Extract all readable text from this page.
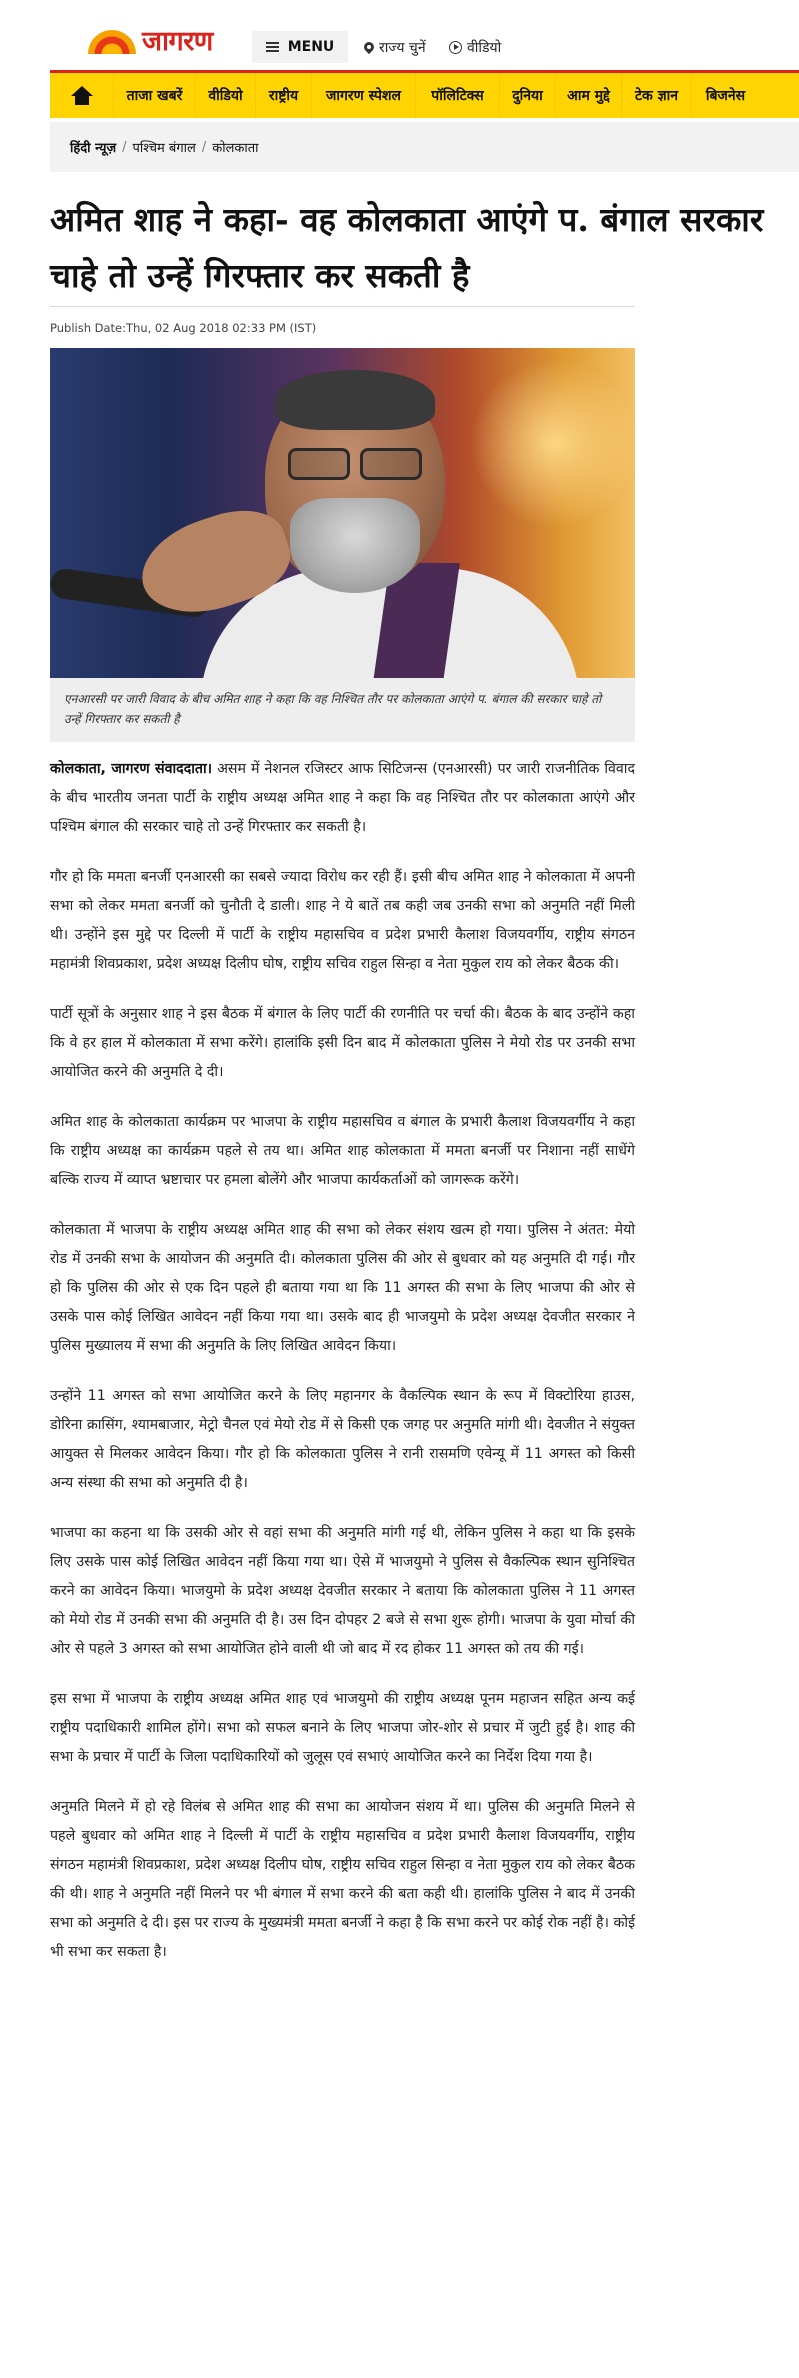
जागरण	MENU	राज्य चुनें	वीडियो
ताजा खबरें	वीडियो	राष्ट्रीय	जागरण स्पेशल	पॉलिटिक्स	दुनिया	आम मुद्दे	टेक ज्ञान	बिजनेस
हिंदी न्यूज़ / पश्चिम बंगाल / कोलकाता
अमित शाह ने कहा- वह कोलकाता आएंगे प. बंगाल सरकार चाहे तो उन्हें गिरफ्तार कर सकती है
Publish Date:Thu, 02 Aug 2018 02:33 PM (IST)
एनआरसी पर जारी विवाद के बीच अमित शाह ने कहा कि वह निश्चित तौर पर कोलकाता आएंगे प. बंगाल की सरकार चाहे तो उन्हें गिरफ्तार कर सकती है

कोलकाता, जागरण संवाददाता। असम में नेशनल रजिस्टर आफ सिटिजन्स (एनआरसी) पर जारी राजनीतिक विवाद के बीच भारतीय जनता पार्टी के राष्ट्रीय अध्यक्ष अमित शाह ने कहा कि वह निश्चित तौर पर कोलकाता आएंगे और पश्चिम बंगाल की सरकार चाहे तो उन्हें गिरफ्तार कर सकती है।

गौर हो कि ममता बनर्जी एनआरसी का सबसे ज्यादा विरोध कर रही हैं। इसी बीच अमित शाह ने कोलकाता में अपनी सभा को लेकर ममता बनर्जी को चुनौती दे डाली। शाह ने ये बातें तब कही जब उनकी सभा को अनुमति नहीं मिली थी। उन्होंने इस मुद्दे पर दिल्ली में पार्टी के राष्ट्रीय महासचिव व प्रदेश प्रभारी कैलाश विजयवर्गीय, राष्ट्रीय संगठन महामंत्री शिवप्रकाश, प्रदेश अध्यक्ष दिलीप घोष, राष्ट्रीय सचिव राहुल सिन्हा व नेता मुकुल राय को लेकर बैठक की।

पार्टी सूत्रों के अनुसार शाह ने इस बैठक में बंगाल के लिए पार्टी की रणनीति पर चर्चा की। बैठक के बाद उन्होंने कहा कि वे हर हाल में कोलकाता में सभा करेंगे। हालांकि इसी दिन बाद में कोलकाता पुलिस ने मेयो रोड पर उनकी सभा आयोजित करने की अनुमति दे दी।

अमित शाह के कोलकाता कार्यक्रम पर भाजपा के राष्ट्रीय महासचिव व बंगाल के प्रभारी कैलाश विजयवर्गीय ने कहा कि राष्ट्रीय अध्यक्ष का कार्यक्रम पहले से तय था। अमित शाह कोलकाता में ममता बनर्जी पर निशाना नहीं साधेंगे बल्कि राज्य में व्याप्त भ्रष्टाचार पर हमला बोलेंगे और भाजपा कार्यकर्ताओं को जागरूक करेंगे।

कोलकाता में भाजपा के राष्ट्रीय अध्यक्ष अमित शाह की सभा को लेकर संशय खत्म हो गया। पुलिस ने अंतत: मेयो रोड में उनकी सभा के आयोजन की अनुमति दी। कोलकाता पुलिस की ओर से बुधवार को यह अनुमति दी गई। गौर हो कि पुलिस की ओर से एक दिन पहले ही बताया गया था कि 11 अगस्त की सभा के लिए भाजपा की ओर से उसके पास कोई लिखित आवेदन नहीं किया गया था। उसके बाद ही भाजयुमो के प्रदेश अध्यक्ष देवजीत सरकार ने पुलिस मुख्यालय में सभा की अनुमति के लिए लिखित आवेदन किया।

उन्होंने 11 अगस्त को सभा आयोजित करने के लिए महानगर के वैकल्पिक स्थान के रूप में विक्टोरिया हाउस, डोरिना क्रासिंग, श्यामबाजार, मेट्रो चैनल एवं मेयो रोड में से किसी एक जगह पर अनुमति मांगी थी। देवजीत ने संयुक्त आयुक्त से मिलकर आवेदन किया। गौर हो कि कोलकाता पुलिस ने रानी रासमणि एवेन्यू में 11 अगस्त को किसी अन्य संस्था की सभा को अनुमति दी है।

भाजपा का कहना था कि उसकी ओर से वहां सभा की अनुमति मांगी गई थी, लेकिन पुलिस ने कहा था कि इसके लिए उसके पास कोई लिखित आवेदन नहीं किया गया था। ऐसे में भाजयुमो ने पुलिस से वैकल्पिक स्थान सुनिश्चित करने का आवेदन किया। भाजयुमो के प्रदेश अध्यक्ष देवजीत सरकार ने बताया कि कोलकाता पुलिस ने 11 अगस्त को मेयो रोड में उनकी सभा की अनुमति दी है। उस दिन दोपहर 2 बजे से सभा शुरू होगी। भाजपा के युवा मोर्चा की ओर से पहले 3 अगस्त को सभा आयोजित होने वाली थी जो बाद में रद होकर 11 अगस्त को तय की गई।

इस सभा में भाजपा के राष्ट्रीय अध्यक्ष अमित शाह एवं भाजयुमो की राष्ट्रीय अध्यक्ष पूनम महाजन सहित अन्य कई राष्ट्रीय पदाधिकारी शामिल होंगे। सभा को सफल बनाने के लिए भाजपा जोर-शोर से प्रचार में जुटी हुई है। शाह की सभा के प्रचार में पार्टी के जिला पदाधिकारियों को जुलूस एवं सभाएं आयोजित करने का निर्देश दिया गया है।

अनुमति मिलने में हो रहे विलंब से अमित शाह की सभा का आयोजन संशय में था। पुलिस की अनुमति मिलने से पहले बुधवार को अमित शाह ने दिल्ली में पार्टी के राष्ट्रीय महासचिव व प्रदेश प्रभारी कैलाश विजयवर्गीय, राष्ट्रीय संगठन महामंत्री शिवप्रकाश, प्रदेश अध्यक्ष दिलीप घोष, राष्ट्रीय सचिव राहुल सिन्हा व नेता मुकुल राय को लेकर बैठक की थी। शाह ने अनुमति नहीं मिलने पर भी बंगाल में सभा करने की बता कही थी। हालांकि पुलिस ने बाद में उनकी सभा को अनुमति दे दी। इस पर राज्य के मुख्यमंत्री ममता बनर्जी ने कहा है कि सभा करने पर कोई रोक नहीं है। कोई भी सभा कर सकता है।
